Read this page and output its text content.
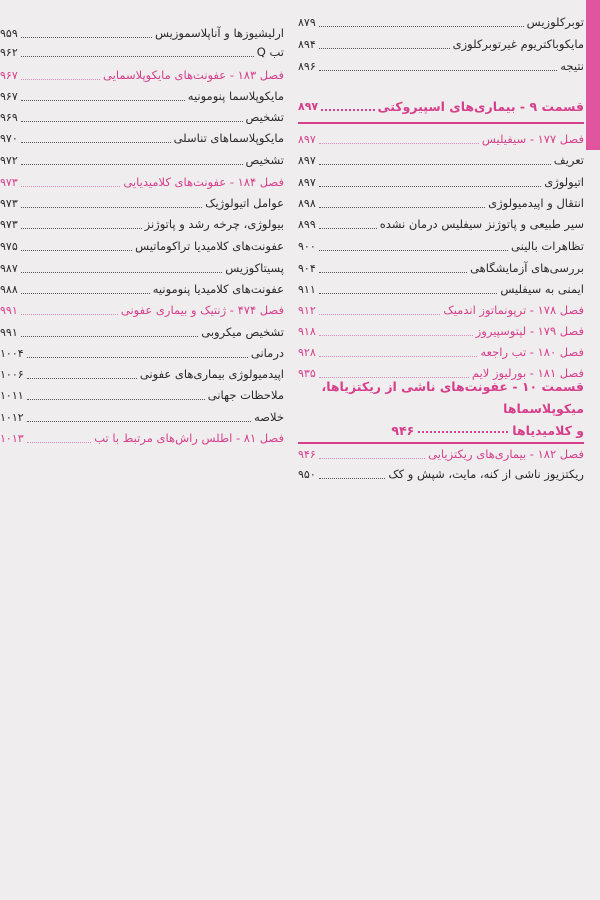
توبرکلوزیس
۸۷۹
مایکوباکتریوم غیرتوبرکلوزی
۸۹۴
نتیجه
۸۹۶
قسمت ۹ - بیماری‌های اسپیروکتی
۸۹۷
فصل ۱۷۷ - سیفیلیس
۸۹۷
تعریف
۸۹۷
اتیولوژی
۸۹۷
انتقال و اپیدمیولوژی
۸۹۸
سیر طبیعی و پاتوژنز سیفلیس درمان نشده
۸۹۹
تظاهرات بالینی
۹۰۰
بررسی‌های آزمایشگاهی
۹۰۴
ایمنی به سیفلیس
۹۱۱
فصل ۱۷۸ - ترپونماتوز اندمیک
۹۱۲
فصل ۱۷۹ - لپتوسپیروز
۹۱۸
فصل ۱۸۰ - تب راجعه
۹۲۸
فصل ۱۸۱ - بورلیوز لایم
۹۳۵
قسمت ۱۰ - عفونت‌های ناشی از ریکتزیاها، میکوپلاسماها
و کلامیدیاها۹۴۶
فصل ۱۸۲ - بیماری‌های ریکتزیایی
۹۴۶
ریکتزیوز ناشی از کنه، مایت، شپش و کک
۹۵۰
ارلیشیوزها و آناپلاسموزیس
۹۵۹
تب Q
۹۶۲
فصل ۱۸۳ - عفونت‌های مایکوپلاسمایی
۹۶۷
مایکوپلاسما پنومونیه
۹۶۷
تشخیص
۹۶۹
مایکوپلاسماهای تناسلی
۹۷۰
تشخیص
۹۷۲
فصل ۱۸۴ - عفونت‌های کلامیدیایی
۹۷۳
عوامل اتیولوژیک
۹۷۳
بیولوژی، چرخه رشد و پاتوژنز
۹۷۳
عفونت‌های کلامیدیا تراکوماتیس
۹۷۵
پسیتاکوزیس
۹۸۷
عفونت‌های کلامیدیا پنومونیه
۹۸۸
فصل ۴۷۴ - ژنتیک و بیماری عفونی
۹۹۱
تشخیص میکروبی
۹۹۱
درمانی
۱۰۰۴
اپیدمیولوژی بیماری‌های عفونی
۱۰۰۶
ملاحظات جهانی
۱۰۱۱
خلاصه
۱۰۱۲
فصل ۸۱ - اطلس راش‌های مرتبط با تب
۱۰۱۳
